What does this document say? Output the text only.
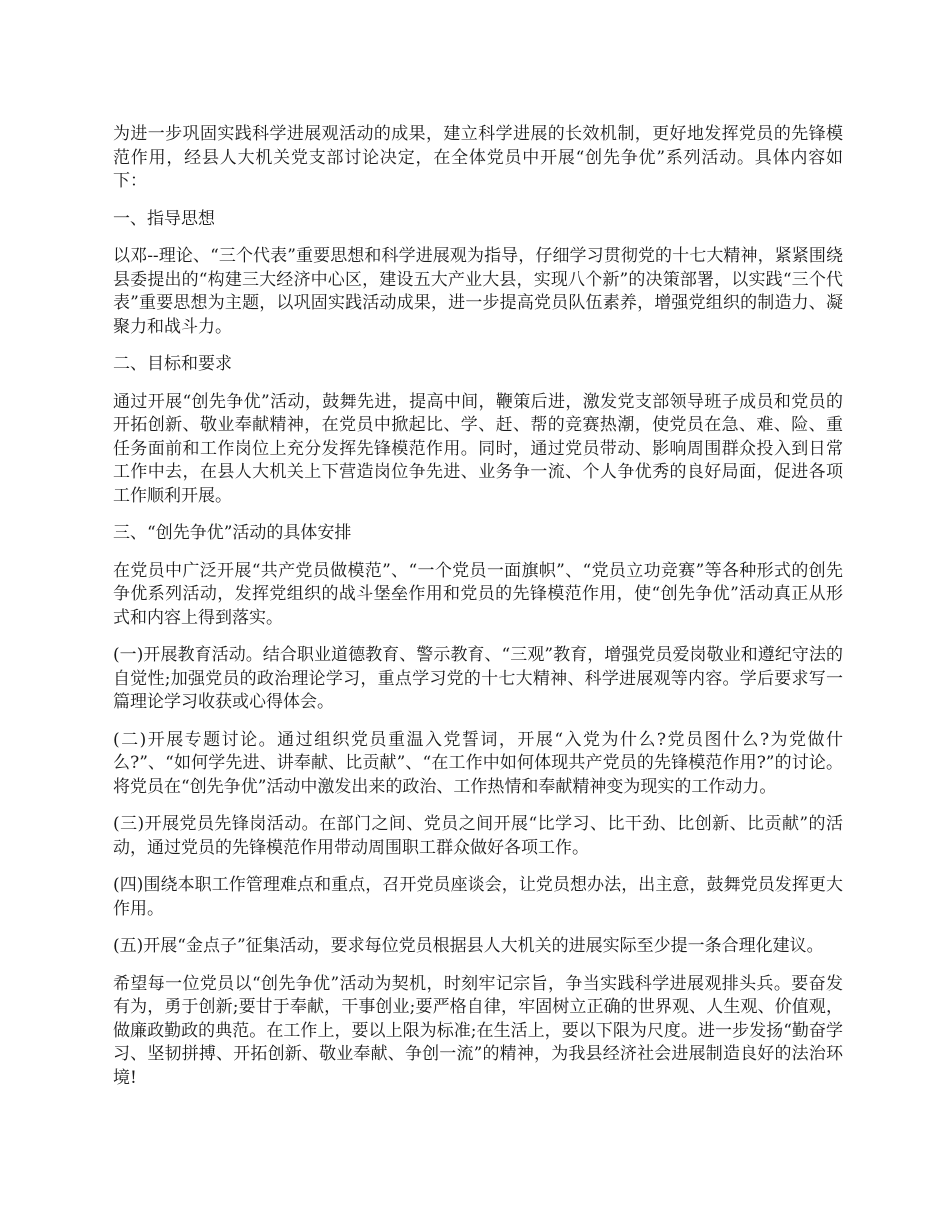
为进一步巩固实践科学进展观活动的成果，建立科学进展的长效机制，更好地发挥党员的先锋模范作用，经县人大机关党支部讨论决定，在全体党员中开展“创先争优”系列活动。具体内容如下：

一、指导思想

以邓--理论、“三个代表”重要思想和科学进展观为指导，仔细学习贯彻党的十七大精神，紧紧围绕县委提出的“构建三大经济中心区，建设五大产业大县，实现八个新”的决策部署，以实践“三个代表”重要思想为主题，以巩固实践活动成果，进一步提高党员队伍素养，增强党组织的制造力、凝聚力和战斗力。

二、目标和要求

通过开展“创先争优”活动，鼓舞先进，提高中间，鞭策后进，激发党支部领导班子成员和党员的开拓创新、敬业奉献精神，在党员中掀起比、学、赶、帮的竞赛热潮，使党员在急、难、险、重任务面前和工作岗位上充分发挥先锋模范作用。同时，通过党员带动、影响周围群众投入到日常工作中去，在县人大机关上下营造岗位争先进、业务争一流、个人争优秀的良好局面，促进各项工作顺利开展。

三、“创先争优”活动的具体安排

在党员中广泛开展“共产党员做模范”、“一个党员一面旗帜”、“党员立功竞赛”等各种形式的创先争优系列活动，发挥党组织的战斗堡垒作用和党员的先锋模范作用，使“创先争优”活动真正从形式和内容上得到落实。

(一)开展教育活动。结合职业道德教育、警示教育、“三观”教育，增强党员爱岗敬业和遵纪守法的自觉性;加强党员的政治理论学习，重点学习党的十七大精神、科学进展观等内容。学后要求写一篇理论学习收获或心得体会。

(二)开展专题讨论。通过组织党员重温入党誓词，开展“入党为什么?党员图什么?为党做什么?”、“如何学先进、讲奉献、比贡献”、“在工作中如何体现共产党员的先锋模范作用?”的讨论。将党员在“创先争优”活动中激发出来的政治、工作热情和奉献精神变为现实的工作动力。

(三)开展党员先锋岗活动。在部门之间、党员之间开展“比学习、比干劲、比创新、比贡献”的活动，通过党员的先锋模范作用带动周围职工群众做好各项工作。

(四)围绕本职工作管理难点和重点，召开党员座谈会，让党员想办法，出主意，鼓舞党员发挥更大作用。

(五)开展“金点子”征集活动，要求每位党员根据县人大机关的进展实际至少提一条合理化建议。

希望每一位党员以“创先争优”活动为契机，时刻牢记宗旨，争当实践科学进展观排头兵。要奋发有为，勇于创新;要甘于奉献，干事创业;要严格自律，牢固树立正确的世界观、人生观、价值观，做廉政勤政的典范。在工作上，要以上限为标准;在生活上，要以下限为尺度。进一步发扬“勤奋学习、坚韧拼搏、开拓创新、敬业奉献、争创一流”的精神，为我县经济社会进展制造良好的法治环境!
